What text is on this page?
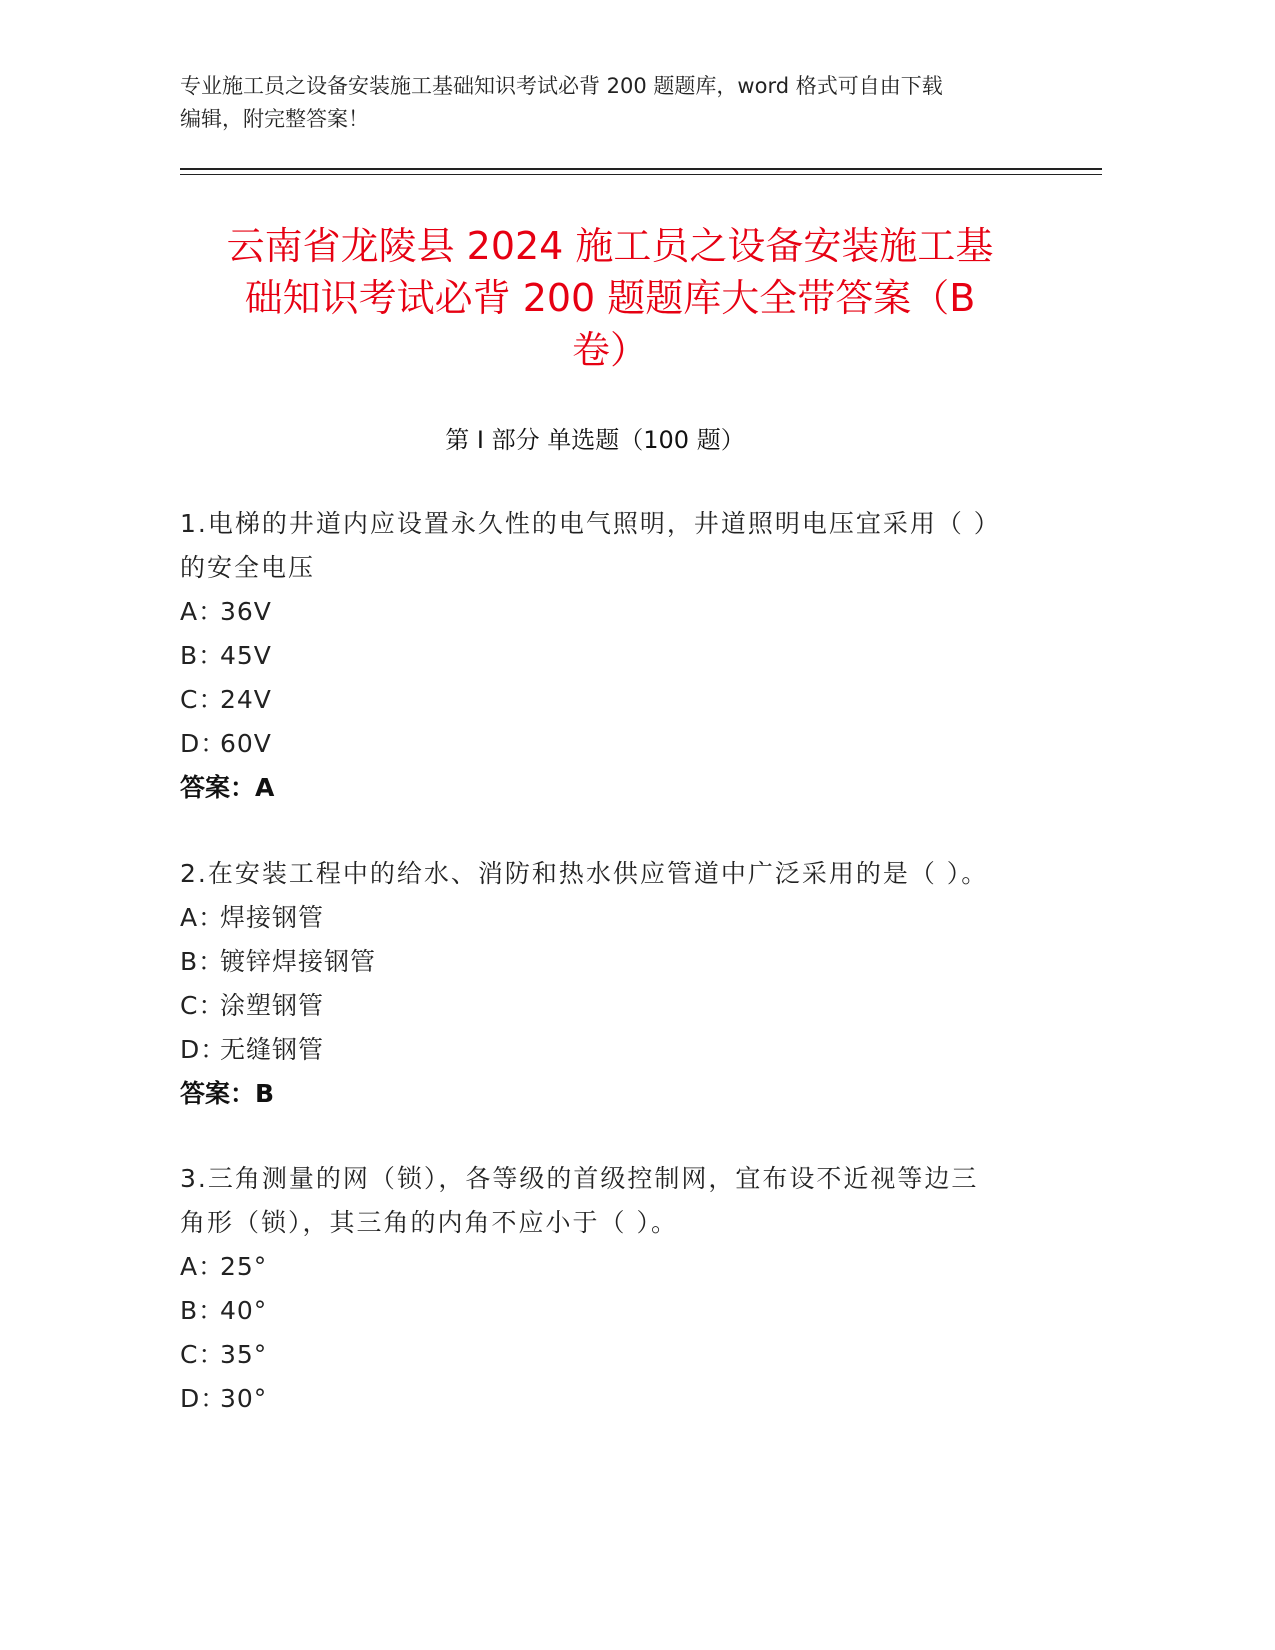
专业施工员之设备安装施工基础知识考试必背 200 题题库，word 格式可自由下载
编辑，附完整答案！
云南省龙陵县 2024 施工员之设备安装施工基
础知识考试必背 200 题题库大全带答案（B
卷）
第 I 部分 单选题（100 题）
1.电梯的井道内应设置永久性的电气照明，井道照明电压宜采用（ ）
的安全电压
A：36V
B：45V
C：24V
D：60V
答案：A
2.在安装工程中的给水、消防和热水供应管道中广泛采用的是（ ）。
A：焊接钢管
B：镀锌焊接钢管
C：涂塑钢管
D：无缝钢管
答案：B
3.三角测量的网（锁），各等级的首级控制网，宜布设不近视等边三
角形（锁），其三角的内角不应小于（ ）。
A：25°
B：40°
C：35°
D：30°
